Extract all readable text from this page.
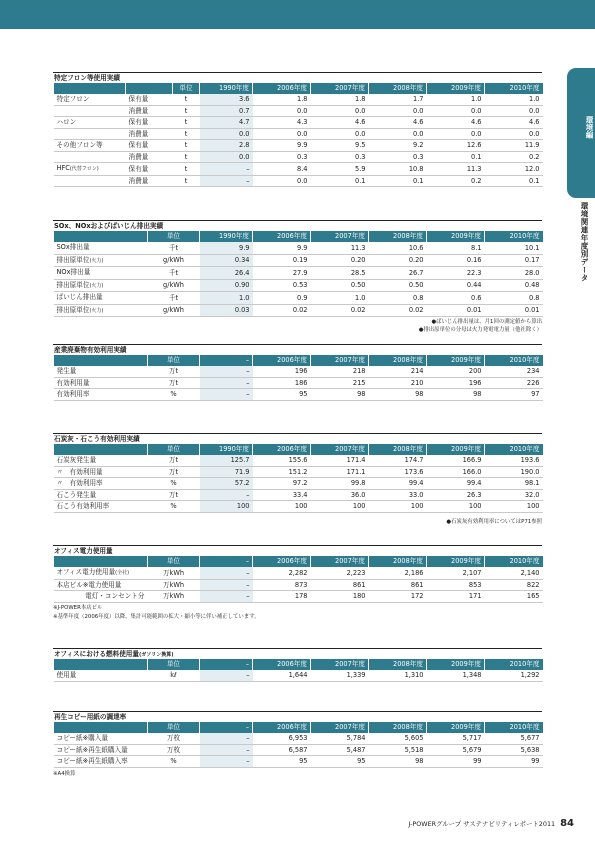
環境編
環境関連年度別データ
特定フロン等使用実績
		単位	1990年度	2006年度	2007年度	2008年度	2009年度	2010年度
特定フロン	保有量	t	3.6	1.8	1.8	1.7	1.0	1.0
	消費量	t	0.7	0.0	0.0	0.0	0.0	0.0
ハロン	保有量	t	4.7	4.3	4.6	4.6	4.6	4.6
	消費量	t	0.0	0.0	0.0	0.0	0.0	0.0
その他フロン等	保有量	t	2.8	9.9	9.5	9.2	12.6	11.9
	消費量	t	0.0	0.3	0.3	0.3	0.1	0.2
HFC(代替フロン)	保有量	t	–	8.4	5.9	10.8	11.3	12.0
	消費量	t	–	0.0	0.1	0.1	0.2	0.1
SOx、NOxおよびばいじん排出実績
	単位	1990年度	2006年度	2007年度	2008年度	2009年度	2010年度
SOx排出量	千t	9.9	9.9	11.3	10.6	8.1	10.1
排出原単位(火力)	g/kWh	0.34	0.19	0.20	0.20	0.16	0.17
NOx排出量	千t	26.4	27.9	28.5	26.7	22.3	28.0
排出原単位(火力)	g/kWh	0.90	0.53	0.50	0.50	0.44	0.48
ばいじん排出量	千t	1.0	0.9	1.0	0.8	0.6	0.8
排出原単位(火力)	g/kWh	0.03	0.02	0.02	0.02	0.01	0.01
●ばいじん排出量は、月1回の測定値から算出
●排出原単位の分母は火力発電電力量（他社除く）
産業廃棄物有効利用実績
	単位	–	2006年度	2007年度	2008年度	2009年度	2010年度
発生量	万t	–	196	218	214	200	234
有効利用量	万t	–	186	215	210	196	226
有効利用率	%	–	95	98	98	98	97
石炭灰・石こう有効利用実績
	単位	1990年度	2006年度	2007年度	2008年度	2009年度	2010年度
石炭灰発生量	万t	125.7	155.6	171.4	174.7	166.9	193.6
〃　有効利用量	万t	71.9	151.2	171.1	173.6	166.0	190.0
〃　有効利用率	%	57.2	97.2	99.8	99.4	99.4	98.1
石こう発生量	万t	–	33.4	36.0	33.0	26.3	32.0
石こう有効利用率	%	100	100	100	100	100	100
●石炭灰有効利用率についてはP71参照
オフィス電力使用量
	単位	–	2006年度	2007年度	2008年度	2009年度	2010年度
オフィス電力使用量(全社)	万kWh	–	2,282	2,223	2,186	2,107	2,140
本店ビル※電力使用量	万kWh	–	873	861	861	853	822
電灯・コンセント分	万kWh	–	178	180	172	171	165
※J-POWER本店ビル
※基準年度（2006年度）以降、集計可能範囲の拡大・縮小等に伴い補正しています。
オフィスにおける燃料使用量(ガソリン換算)
	単位	–	2006年度	2007年度	2008年度	2009年度	2010年度
使用量	kℓ	–	1,644	1,339	1,310	1,348	1,292
再生コピー用紙の調達率
	単位	–	2006年度	2007年度	2008年度	2009年度	2010年度
コピー紙※購入量	万枚	–	6,953	5,784	5,605	5,717	5,677
コピー紙※再生紙購入量	万枚	–	6,587	5,487	5,518	5,679	5,638
コピー紙※再生紙購入率	%	–	95	95	98	99	99
※A4換算
J-POWERグループ サステナビリティレポート2011 84
